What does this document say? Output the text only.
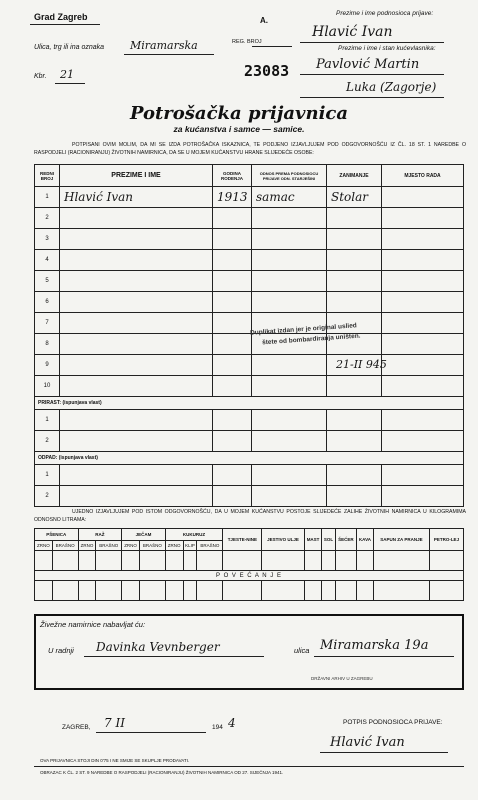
Grad Zagreb
Ulica, trg ili ina oznaka Miramarska
Kbr. 21
A.
REG. BROJ
23083
Prezime i ime podnosioca prijave:
Hlavić Ivan
Prezime i ime i stan kućevlasnika:
Pavlović Martin
Luka (Zagorje)
Potrošačka prijavnica
za kućanstva i samce — samice.
POTPISANI OVIM MOLIM, DA MI SE IZDA POTROŠAČKA ISKAZNICA, TE PODJENO IZJAVLJUJEM POD ODGOVORNOŠĆU IZ ČL. 18 ST. 1 NAREDBE O RASPODJELI (RACIONIRANJU) ŽIVOTNIH NAMIRNICA, DA SE U MOJEM KUĆANSTVU HRANE SLIJEDEĆE OSOBE:
REDNI BROJ	PREZIME I IME	GODINA RODENJA	ODNOS PREMA PODNOSIOCU PRIJAVE ODN. STARJEŠINI	ZANIMANJE	MJESTO RADA
1	Hlavić Ivan	1913	samac	Stolar	
2					
3					
4					
5					
6					
7					
8					
9					
10					
PRIRAST: (ispunjava vlast)					
1					
2					
ODPAD: (ispunjava vlast)					
1					
2					
Duplikat izdan jer je original uslied
štete od bombardiranja uništen.
21-II 945
UJEDNO IZJAVLJUJEM POD ISTOM ODGOVORNOŠĆU, DA U MOJEM KUĆANSTVU POSTOJE SLIJEDEĆE ZALIHE ŽIVOTNIH NAMIRNICA U KILOGRAMIMA ODNOSNO LITRAMA:
PŠENICA		RAŽ		JEČAM		KUKURUZ			TJESTE-NINE	JESTIVO ULJE	MAST	SOL	ŠEĆER	KAVA	SAPUN ZA PRANJE	PETRO-LEJ
ZRNO	BRAŠNO	ZRNO	BRAŠNO	ZRNO	BRAŠNO	ZRNO	KLIP	BRAŠNO								

P O V E Ć A N J E																

Živežne namirnice nabavljat ću:
U radnji Davinka Vevnberger	ulica Miramarska 19a
DRŽAVNI ARHIV U ZAGREBU
ZAGREB, 7 II	194 4	POTPIS PODNOSIOCA PRIJAVE:
Hlavić Ivan
OVA PRIJAVNICA STOJI DIN 0'75 I NE SMIJE SE SKUPLJE PRODAVATI.
OBRAZAC K ČL. 2 ST. 9 NAREDBE O RASPODJELI (RACIONIRANJU) ŽIVOTNIH NAMIRNICA OD 27. SIJEČNJA 1941.
